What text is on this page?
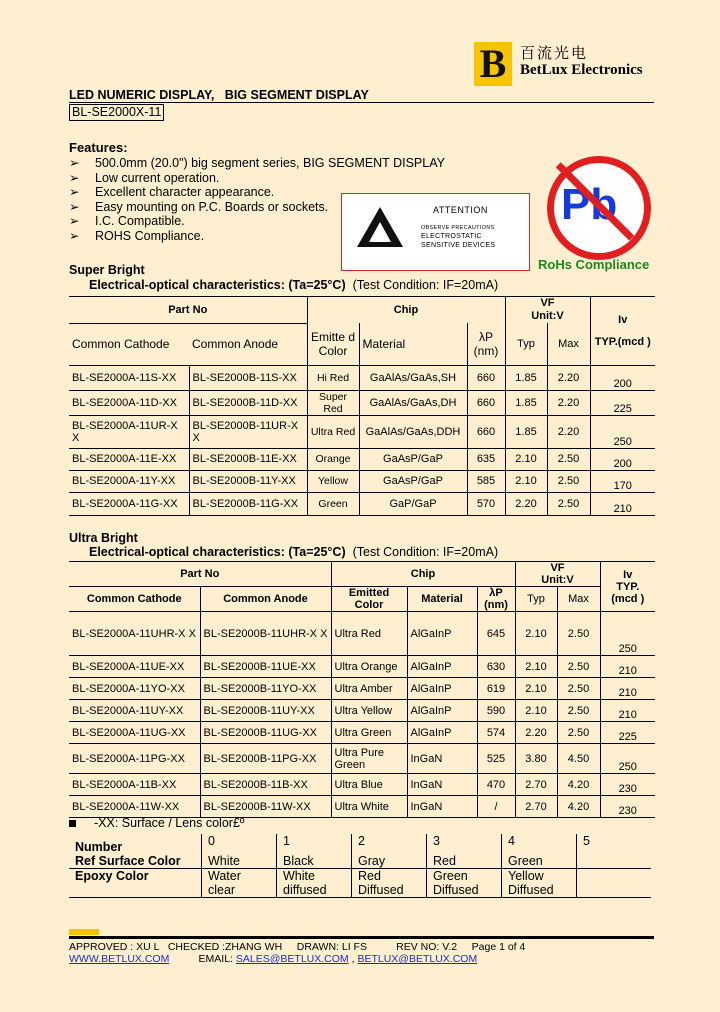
B 百流光电
BetLux Electronics
LED NUMERIC DISPLAY,   BIG SEGMENT DISPLAY
BL-SE2000X-11
Features:
➢ 500.0mm (20.0") big segment series, BIG SEGMENT DISPLAY
➢ Low current operation.
➢ Excellent character appearance.
➢ Easy mounting on P.C. Boards or sockets.
➢ I.C. Compatible.
➢ ROHS Compliance.
ATTENTION
OBSERVE PRECAUTIONS
ELECTROSTATIC
SENSITIVE DEVICES
Pb
RoHs Compliance
Super Bright
Electrical-optical characteristics: (Ta=25°C) (Test Condition: IF=20mA)
Part No		Chip			VF
Unit:V		Iv
TYP.(mcd )
Common Cathode	Common Anode	Emitte d Color	Material	λP (nm)	Typ	Max	
BL-SE2000A-11S-XX	BL-SE2000B-11S-XX	Hi Red	GaAlAs/GaAs,SH	660	1.85	2.20	200
BL-SE2000A-11D-XX	BL-SE2000B-11D-XX	Super Red	GaAlAs/GaAs,DH	660	1.85	2.20	225
BL-SE2000A-11UR-X X	BL-SE2000B-11UR-X X	Ultra Red	GaAlAs/GaAs,DDH	660	1.85	2.20	250
BL-SE2000A-11E-XX	BL-SE2000B-11E-XX	Orange	GaAsP/GaP	635	2.10	2.50	200
BL-SE2000A-11Y-XX	BL-SE2000B-11Y-XX	Yellow	GaAsP/GaP	585	2.10	2.50	170
BL-SE2000A-11G-XX	BL-SE2000B-11G-XX	Green	GaP/GaP	570	2.20	2.50	210
Ultra Bright
Electrical-optical characteristics: (Ta=25°C) (Test Condition: IF=20mA)
Part No		Chip			VF
Unit:V		Iv
TYP.(mcd )
Common Cathode	Common Anode	Emitted Color	Material	λP (nm)	Typ	Max	
BL-SE2000A-11UHR-X X	BL-SE2000B-11UHR-X X	Ultra Red	AlGaInP	645	2.10	2.50	250
BL-SE2000A-11UE-XX	BL-SE2000B-11UE-XX	Ultra Orange	AlGaInP	630	2.10	2.50	210
BL-SE2000A-11YO-XX	BL-SE2000B-11YO-XX	Ultra Amber	AlGaInP	619	2.10	2.50	210
BL-SE2000A-11UY-XX	BL-SE2000B-11UY-XX	Ultra Yellow	AlGaInP	590	2.10	2.50	210
BL-SE2000A-11UG-XX	BL-SE2000B-11UG-XX	Ultra Green	AlGaInP	574	2.20	2.50	225
BL-SE2000A-11PG-XX	BL-SE2000B-11PG-XX	Ultra Pure Green	InGaN	525	3.80	4.50	250
BL-SE2000A-11B-XX	BL-SE2000B-11B-XX	Ultra Blue	InGaN	470	2.70	4.20	230
BL-SE2000A-11W-XX	BL-SE2000B-11W-XX	Ultra White	InGaN	/	2.70	4.20	230
-XX: Surface / Lens color£º
Number	0	1	2	3	4	5
Ref Surface Color	White	Black	Gray	Red	Green	
Epoxy Color	Water clear	White diffused	Red Diffused	Green Diffused	Yellow Diffused	
APPROVED : XU L CHECKED :ZHANG WH DRAWN: LI FS	REV NO: V.2 Page 1 of 4
WWW.BETLUX.COM	EMAIL: SALES@BETLUX.COM , BETLUX@BETLUX.COM
